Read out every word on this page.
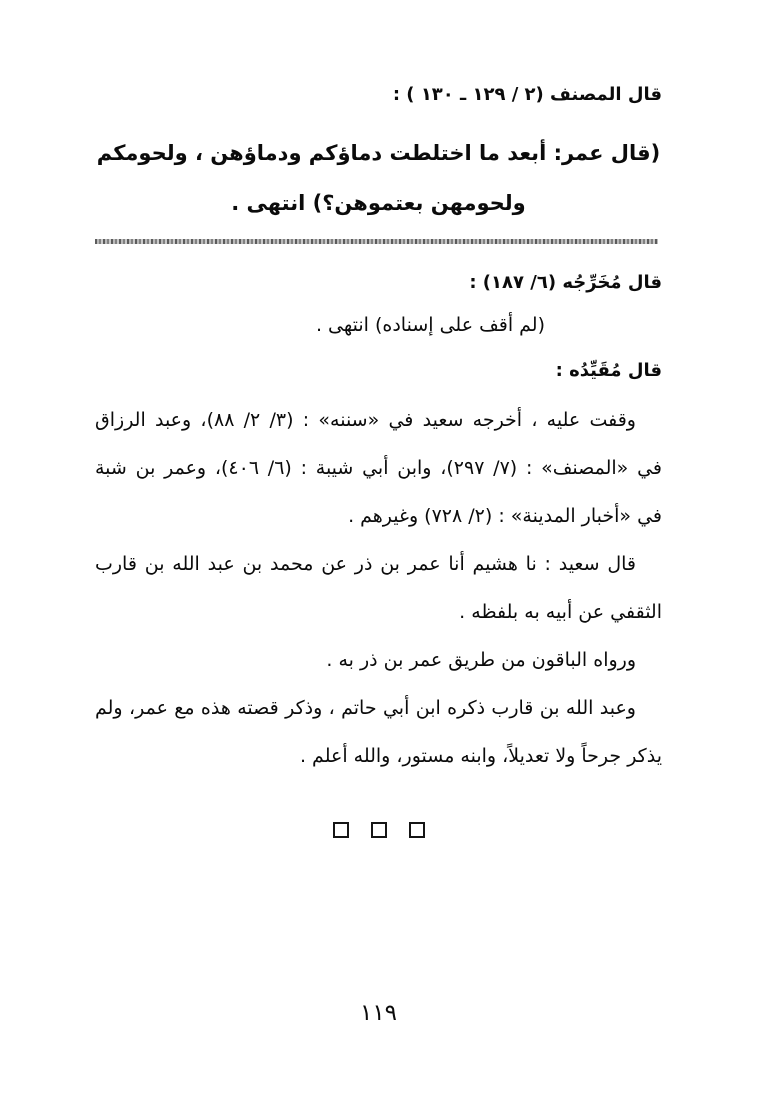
قال المصنف (٢ / ١٢٩ ـ ١٣٠ ) :
(قال عمر: أبعد ما اختلطت دماؤكم ودماؤهن ، ولحومكم
ولحومهن بعتموهن؟) انتهى .
قال مُخَرِّجُه (٦/ ١٨٧) :
(لم أقف على إسناده) انتهى .
قال مُقَيِّدُه :
وقفت عليه ، أخرجه سعيد في «سننه» : (٣/ ٢/ ٨٨)، وعبد الرزاق
في «المصنف» : (٧/ ٢٩٧)، وابن أبي شيبة : (٦/ ٤٠٦)، وعمر بن شبة
في «أخبار المدينة» : (٢/ ٧٢٨) وغيرهم .
قال سعيد : نا هشيم أنا عمر بن ذر عن محمد بن عبد الله بن قارب
الثقفي عن أبيه به بلفظه .
ورواه الباقون من طريق عمر بن ذر به .
وعبد الله بن قارب ذكره ابن أبي حاتم ، وذكر قصته هذه مع عمر، ولم
يذكر جرحاً ولا تعديلاً، وابنه مستور، والله أعلم .
١١٩
